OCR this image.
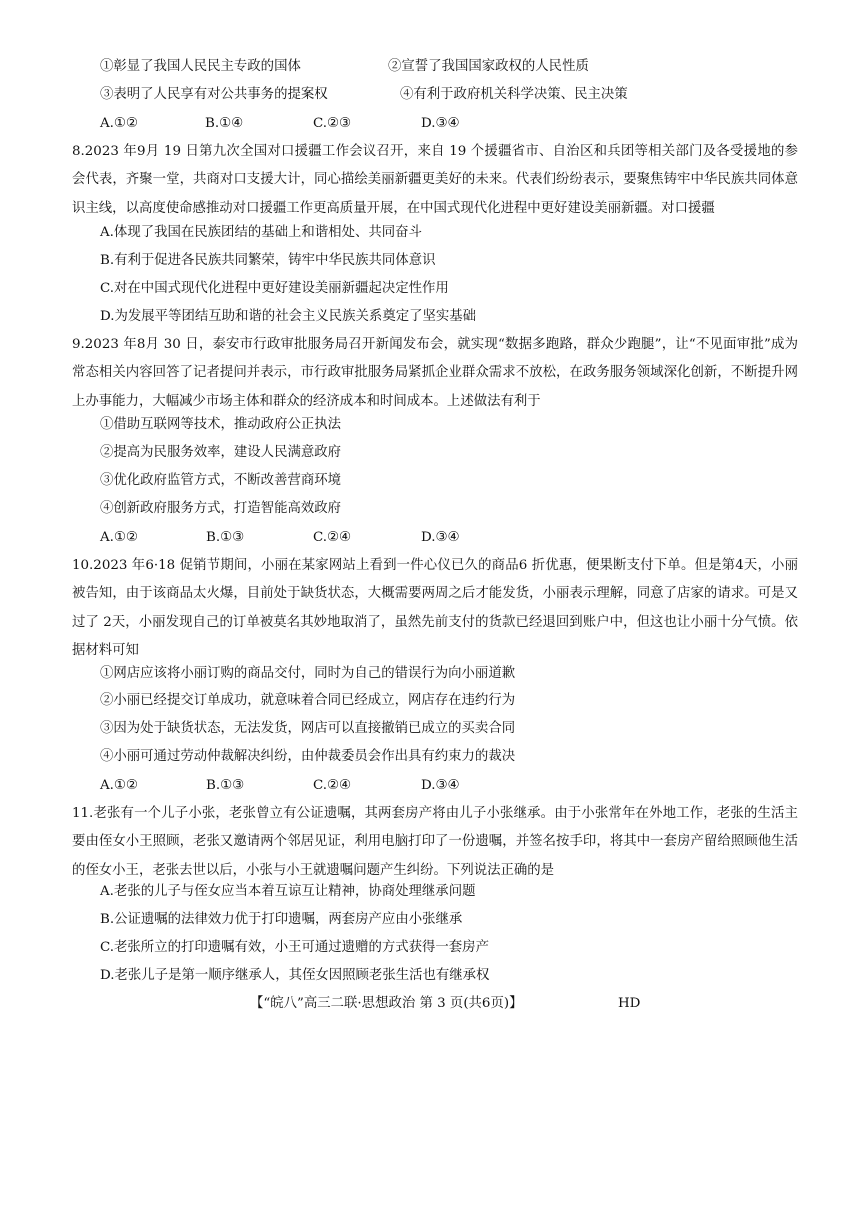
①彰显了我国人民民主专政的国体	②宣誓了我国国家政权的人民性质
③表明了人民享有对公共事务的提案权	④有利于政府机关科学决策、民主决策
A.①②	B.①④	C.②③	D.③④
8.2023 年9月 19 日第九次全国对口援疆工作会议召开，来自 19 个援疆省市、自治区和兵团等相关部门及各受援地的参会代表，齐聚一堂，共商对口支援大计，同心描绘美丽新疆更美好的未来。代表们纷纷表示，要聚焦铸牢中华民族共同体意识主线，以高度使命感推动对口援疆工作更高质量开展，在中国式现代化进程中更好建设美丽新疆。对口援疆
A.体现了我国在民族团结的基础上和谐相处、共同奋斗
B.有利于促进各民族共同繁荣，铸牢中华民族共同体意识
C.对在中国式现代化进程中更好建设美丽新疆起决定性作用
D.为发展平等团结互助和谐的社会主义民族关系奠定了坚实基础
9.2023 年8月 30 日，泰安市行政审批服务局召开新闻发布会，就实现“数据多跑路，群众少跑腿”，让“不见面审批”成为常态相关内容回答了记者提问并表示，市行政审批服务局紧抓企业群众需求不放松，在政务服务领域深化创新，不断提升网上办事能力，大幅减少市场主体和群众的经济成本和时间成本。上述做法有利于
①借助互联网等技术，推动政府公正执法
②提高为民服务效率，建设人民满意政府
③优化政府监管方式，不断改善营商环境
④创新政府服务方式，打造智能高效政府
A.①②	B.①③	C.②④	D.③④
10.2023 年6·18 促销节期间，小丽在某家网站上看到一件心仪已久的商品6 折优惠，便果断支付下单。但是第4天，小丽被告知，由于该商品太火爆，目前处于缺货状态，大概需要两周之后才能发货，小丽表示理解，同意了店家的请求。可是又过了 2天，小丽发现自己的订单被莫名其妙地取消了，虽然先前支付的货款已经退回到账户中，但这也让小丽十分气愤。依据材料可知
①网店应该将小丽订购的商品交付，同时为自己的错误行为向小丽道歉
②小丽已经提交订单成功，就意味着合同已经成立，网店存在违约行为
③因为处于缺货状态，无法发货，网店可以直接撤销已成立的买卖合同
④小丽可通过劳动仲裁解决纠纷，由仲裁委员会作出具有约束力的裁决
A.①②	B.①③	C.②④	D.③④
11.老张有一个儿子小张，老张曾立有公证遗嘱，其两套房产将由儿子小张继承。由于小张常年在外地工作，老张的生活主要由侄女小王照顾，老张又邀请两个邻居见证，利用电脑打印了一份遗嘱，并签名按手印，将其中一套房产留给照顾他生活的侄女小王，老张去世以后，小张与小王就遗嘱问题产生纠纷。下列说法正确的是
A.老张的儿子与侄女应当本着互谅互让精神，协商处理继承问题
B.公证遗嘱的法律效力优于打印遗嘱，两套房产应由小张继承
C.老张所立的打印遗嘱有效，小王可通过遗赠的方式获得一套房产
D.老张儿子是第一顺序继承人，其侄女因照顾老张生活也有继承权
【“皖八”高三二联·思想政治 第 3 页(共6页)】	HD
